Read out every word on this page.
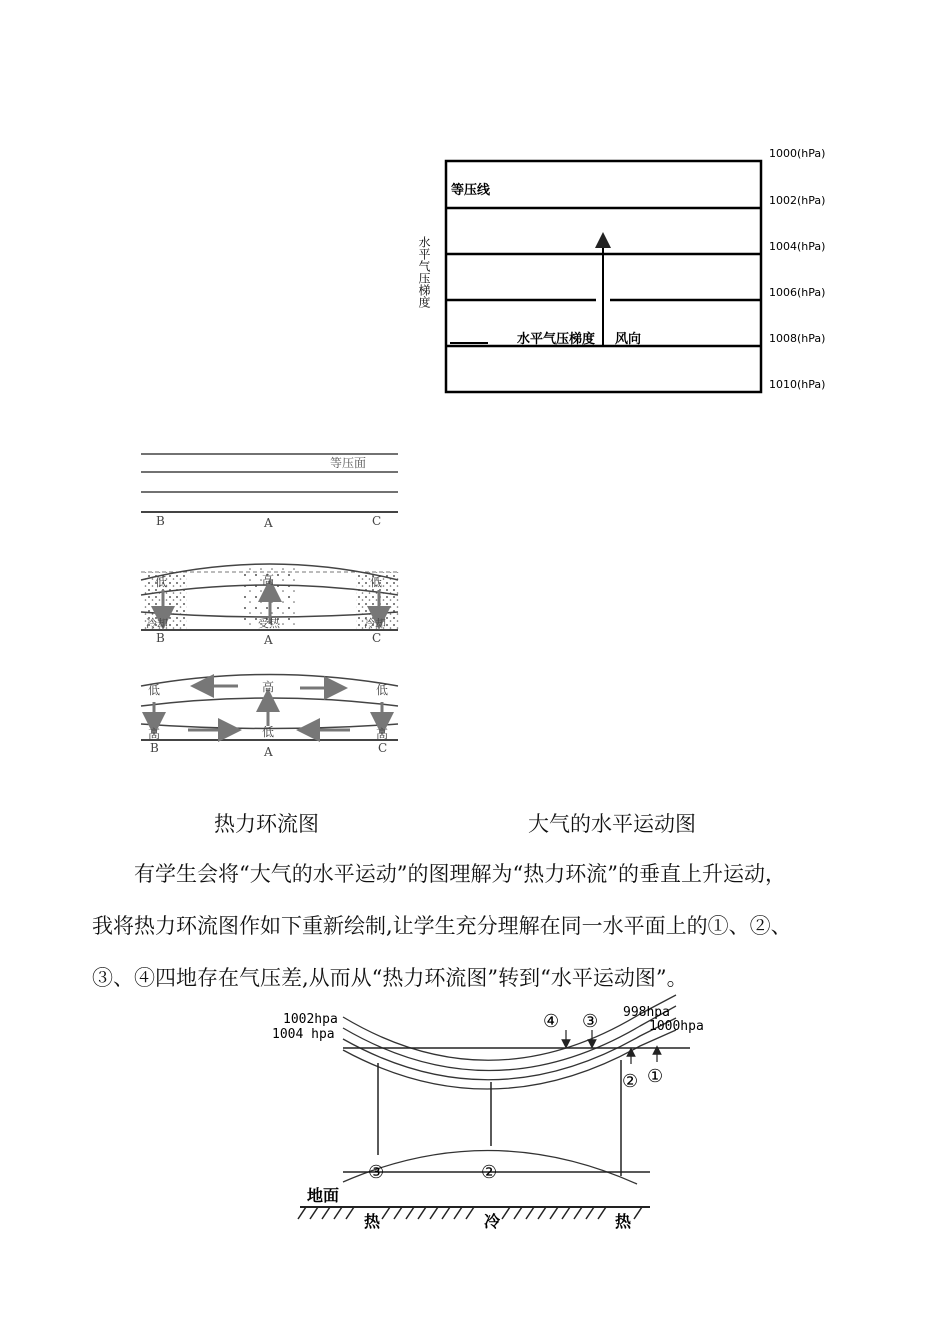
等压线
水平气压梯度 风向
水平气压梯度
1000(hPa)
1002(hPa)
1004(hPa)
1006(hPa)
1008(hPa)
1010(hPa)
等压面
B	A	C
低	高	低
冷却	受热	冷却
B	A	C
低	高	低
高	低	高
B	A	C
1002hpa
1004 hpa
998hpa
1000hpa
④ ③
② ①
③	②
地面
热	冷	热
热力环流图	大气的水平运动图
有学生会将“大气的水平运动”的图理解为“热力环流”的垂直上升运动，
我将热力环流图作如下重新绘制,让学生充分理解在同一水平面上的①、②、
③、④四地存在气压差,从而从“热力环流图”转到“水平运动图”。
